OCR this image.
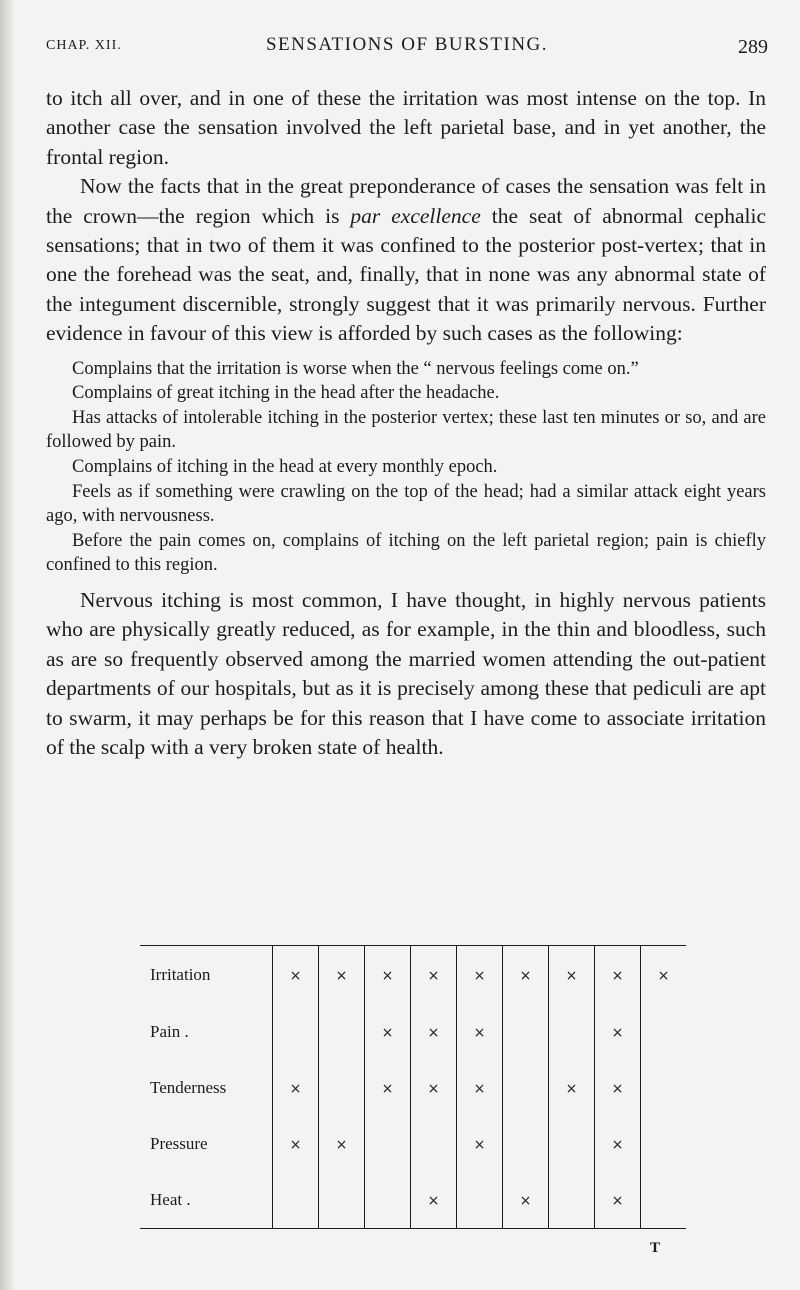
CHAP. XII.	SENSATIONS OF BURSTING.	289

to itch all over, and in one of these the irritation was most intense on the top. In another case the sensation involved the left parietal base, and in yet another, the frontal region.

Now the facts that in the great preponderance of cases the sensation was felt in the crown—the region which is par excellence the seat of abnormal cephalic sensations; that in two of them it was confined to the posterior post-vertex; that in one the forehead was the seat, and, finally, that in none was any abnormal state of the integument discernible, strongly suggest that it was primarily nervous. Further evidence in favour of this view is afforded by such cases as the following:

Complains that the irritation is worse when the “ nervous feelings come on.”

Complains of great itching in the head after the headache.

Has attacks of intolerable itching in the posterior vertex; these last ten minutes or so, and are followed by pain.

Complains of itching in the head at every monthly epoch.

Feels as if something were crawling on the top of the head; had a similar attack eight years ago, with nervousness.

Before the pain comes on, complains of itching on the left parietal region; pain is chiefly confined to this region.

Nervous itching is most common, I have thought, in highly nervous patients who are physically greatly reduced, as for example, in the thin and bloodless, such as are so frequently observed among the married women attending the out-patient departments of our hospitals, but as it is precisely among these that pediculi are apt to swarm, it may perhaps be for this reason that I have come to associate irritation of the scalp with a very broken state of health.

Irritation	×	×	×	×	×	×	×	×	×
Pain .			×	×	×			×	
Tenderness	×		×	×	×		×	×	
Pressure	×	×			×			×	
Heat .				×		×		×	
T
